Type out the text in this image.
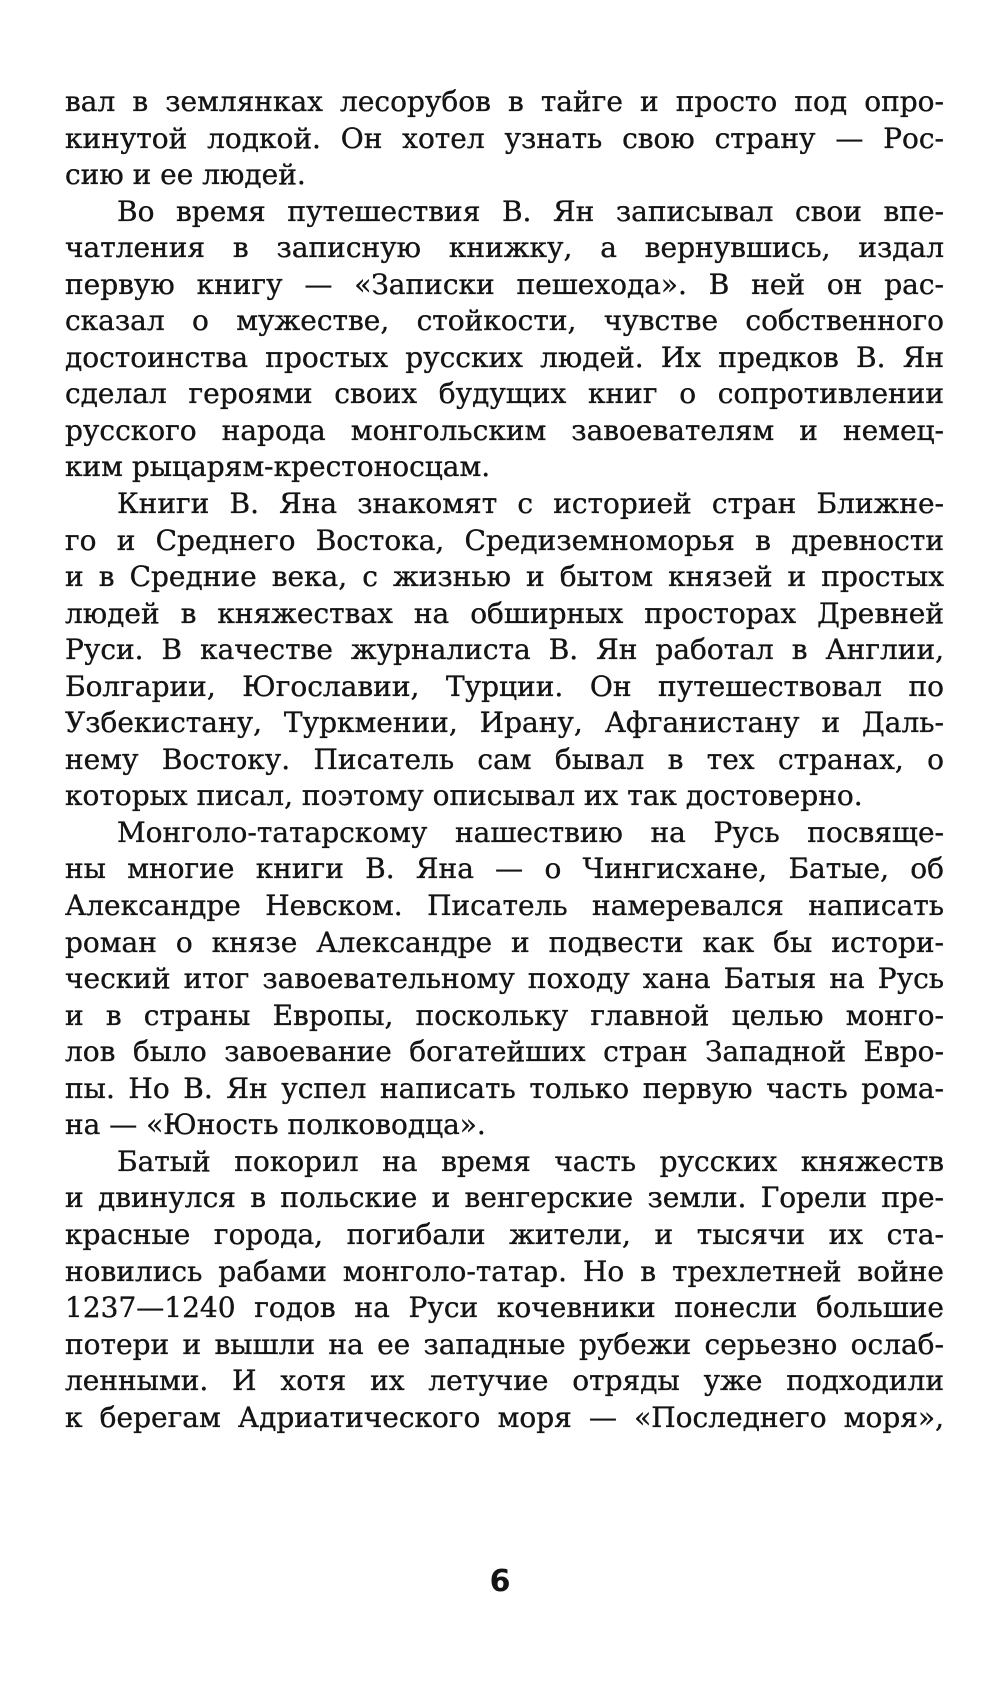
вал в землянках лесорубов в тайге и просто под опро-
кинутой лодкой. Он хотел узнать свою страну — Рос-
сию и ее людей.
Во время путешествия В. Ян записывал свои впе-
чатления в записную книжку, а вернувшись, издал
первую книгу — «Записки пешехода». В ней он рас-
сказал о мужестве, стойкости, чувстве собственного
достоинства простых русских людей. Их предков В. Ян
сделал героями своих будущих книг о сопротивлении
русского народа монгольским завоевателям и немец-
ким рыцарям-крестоносцам.
Книги В. Яна знакомят с историей стран Ближне-
го и Среднего Востока, Средиземноморья в древности
и в Средние века, с жизнью и бытом князей и простых
людей в княжествах на обширных просторах Древней
Руси. В качестве журналиста В. Ян работал в Англии,
Болгарии, Югославии, Турции. Он путешествовал по
Узбекистану, Туркмении, Ирану, Афганистану и Даль-
нему Востоку. Писатель сам бывал в тех странах, о
которых писал, поэтому описывал их так достоверно.
Монголо-татарскому нашествию на Русь посвяще-
ны многие книги В. Яна — о Чингисхане, Батые, об
Александре Невском. Писатель намеревался написать
роман о князе Александре и подвести как бы истори-
ческий итог завоевательному походу хана Батыя на Русь
и в страны Европы, поскольку главной целью монго-
лов было завоевание богатейших стран Западной Евро-
пы. Но В. Ян успел написать только первую часть рома-
на — «Юность полководца».
Батый покорил на время часть русских княжеств
и двинулся в польские и венгерские земли. Горели пре-
красные города, погибали жители, и тысячи их ста-
новились рабами монголо-татар. Но в трехлетней войне
1237—1240 годов на Руси кочевники понесли большие
потери и вышли на ее западные рубежи серьезно ослаб-
ленными. И хотя их летучие отряды уже подходили
к берегам Адриатического моря — «Последнего моря»,
6
